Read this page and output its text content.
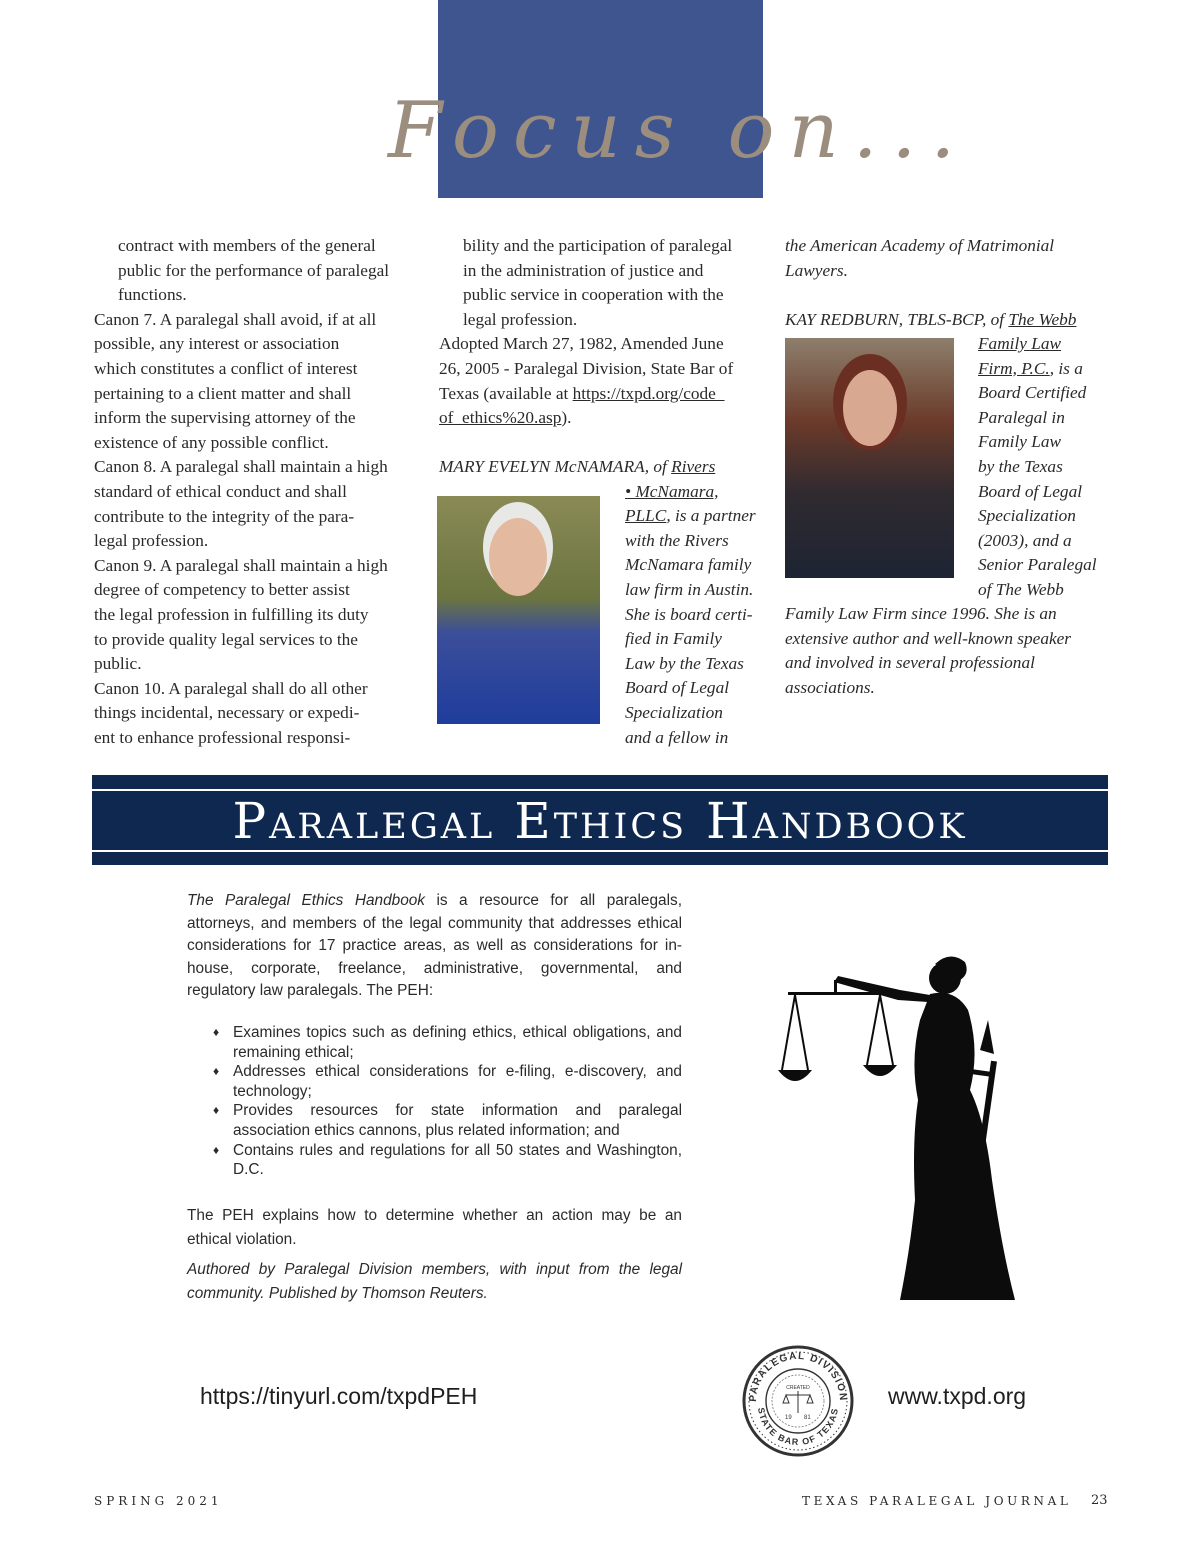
Focus on...
contract with members of the general
public for the performance of paralegal
functions.
Canon 7. A paralegal shall avoid, if at all
possible, any interest or association
which constitutes a conflict of interest
pertaining to a client matter and shall
inform the supervising attorney of the
existence of any possible conflict.
Canon 8. A paralegal shall maintain a high
standard of ethical conduct and shall
contribute to the integrity of the para-
legal profession.
Canon 9. A paralegal shall maintain a high
degree of competency to better assist
the legal profession in fulfilling its duty
to provide quality legal services to the
public.
Canon 10. A paralegal shall do all other
things incidental, necessary or expedi-
ent to enhance professional responsi-
bility and the participation of paralegal
in the administration of justice and
public service in cooperation with the
legal profession.
Adopted March 27, 1982, Amended June
26, 2005 - Paralegal Division, State Bar of
Texas (available at https://txpd.org/code_
of_ethics%20.asp).
MARY EVELYN McNAMARA, of Rivers
• McNamara,
PLLC, is a partner
with the Rivers
McNamara family
law firm in Austin.
She is board certi-
fied in Family
Law by the Texas
Board of Legal
Specialization
and a fellow in
the American Academy of Matrimonial
Lawyers.
KAY REDBURN, TBLS-BCP, of The Webb
Family Law
Firm, P.C., is a
Board Certified
Paralegal in
Family Law
by the Texas
Board of Legal
Specialization
(2003), and a
Senior Paralegal
of The Webb
Family Law Firm since 1996. She is an
extensive author and well-known speaker
and involved in several professional
associations.
Paralegal Ethics Handbook

The Paralegal Ethics Handbook is a resource for all paralegals, attorneys, and members of the legal community that addresses ethical considerations for 17 practice areas, as well as considerations for in-house, corporate, freelance, administrative, governmental, and regulatory law paralegals. The PEH:

♦ Examines topics such as defining ethics, ethical obligations, and remaining ethical;
♦ Addresses ethical considerations for e-filing, e-discovery, and technology;
♦ Provides resources for state information and paralegal association ethics cannons, plus related information; and
♦ Contains rules and regulations for all 50 states and Washington, D.C.

The PEH explains how to determine whether an action may be an ethical violation.

Authored by Paralegal Division members, with input from the legal community. Published by Thomson Reuters.

PARALEGAL DIVISION
STATE BAR OF TEXAS
CREATED
19 81
https://tinyurl.com/txpdPEH	www.txpd.org
SPRING 2021	TEXAS PARALEGAL JOURNAL 23
